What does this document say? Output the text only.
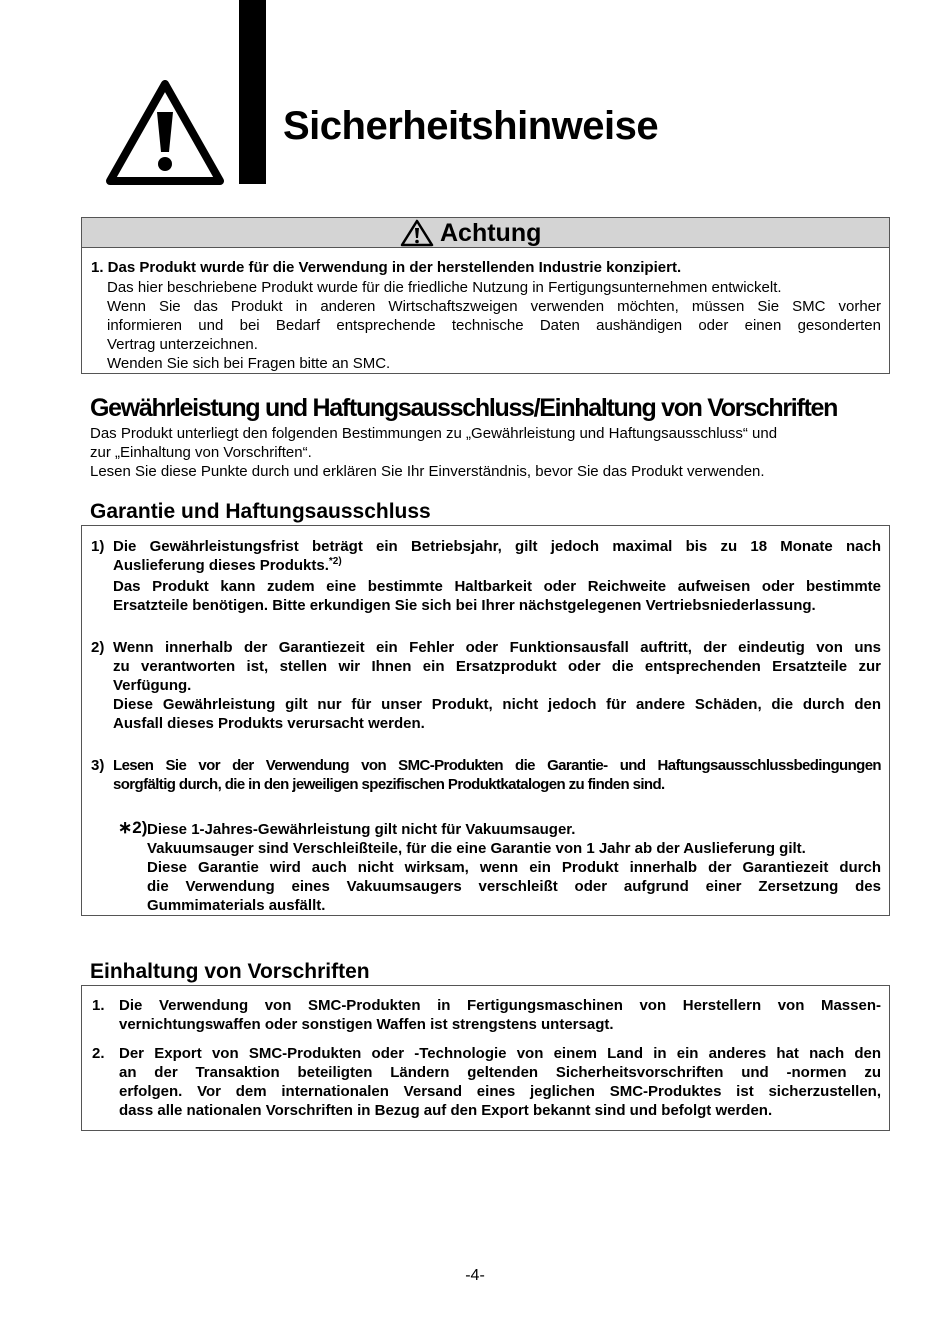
Sicherheitshinweise
Achtung
1. Das Produkt wurde für die Verwendung in der herstellenden Industrie konzipiert.
Das hier beschriebene Produkt wurde für die friedliche Nutzung in Fertigungsunternehmen entwickelt.
Wenn Sie das Produkt in anderen Wirtschaftszweigen verwenden möchten, müssen Sie SMC vorher
informieren und bei Bedarf entsprechende technische Daten aushändigen oder einen gesonderten
Vertrag unterzeichnen.
Wenden Sie sich bei Fragen bitte an SMC.
Gewährleistung und Haftungsausschluss/Einhaltung von Vorschriften
Das Produkt unterliegt den folgenden Bestimmungen zu „Gewährleistung und Haftungsausschluss“ und
zur „Einhaltung von Vorschriften“.
Lesen Sie diese Punkte durch und erklären Sie Ihr Einverständnis, bevor Sie das Produkt verwenden.
Garantie und Haftungsausschluss
1) Die Gewährleistungsfrist beträgt ein Betriebsjahr, gilt jedoch maximal bis zu 18 Monate nach
Auslieferung dieses Produkts.$^{*2)}$
Das Produkt kann zudem eine bestimmte Haltbarkeit oder Reichweite aufweisen oder bestimmte
Ersatzteile benötigen. Bitte erkundigen Sie sich bei Ihrer nächstgelegenen Vertriebsniederlassung.
2) Wenn innerhalb der Garantiezeit ein Fehler oder Funktionsausfall auftritt, der eindeutig von uns
zu verantworten ist, stellen wir Ihnen ein Ersatzprodukt oder die entsprechenden Ersatzteile zur
Verfügung.
Diese Gewährleistung gilt nur für unser Produkt, nicht jedoch für andere Schäden, die durch den
Ausfall dieses Produkts verursacht werden.
3) Lesen Sie vor der Verwendung von SMC-Produkten die Garantie- und Haftungsausschlussbedingungen
sorgfältig durch, die in den jeweiligen spezifischen Produktkatalogen zu finden sind.
∗2) Diese 1-Jahres-Gewährleistung gilt nicht für Vakuumsauger.
Vakuumsauger sind Verschleißteile, für die eine Garantie von 1 Jahr ab der Auslieferung gilt.
Diese Garantie wird auch nicht wirksam, wenn ein Produkt innerhalb der Garantiezeit durch
die Verwendung eines Vakuumsaugers verschleißt oder aufgrund einer Zersetzung des
Gummimaterials ausfällt.
Einhaltung von Vorschriften
1. Die Verwendung von SMC-Produkten in Fertigungsmaschinen von Herstellern von Massen-
vernichtungswaffen oder sonstigen Waffen ist strengstens untersagt.
2. Der Export von SMC-Produkten oder -Technologie von einem Land in ein anderes hat nach den
an der Transaktion beteiligten Ländern geltenden Sicherheitsvorschriften und -normen zu
erfolgen. Vor dem internationalen Versand eines jeglichen SMC-Produktes ist sicherzustellen,
dass alle nationalen Vorschriften in Bezug auf den Export bekannt sind und befolgt werden.
-4-
